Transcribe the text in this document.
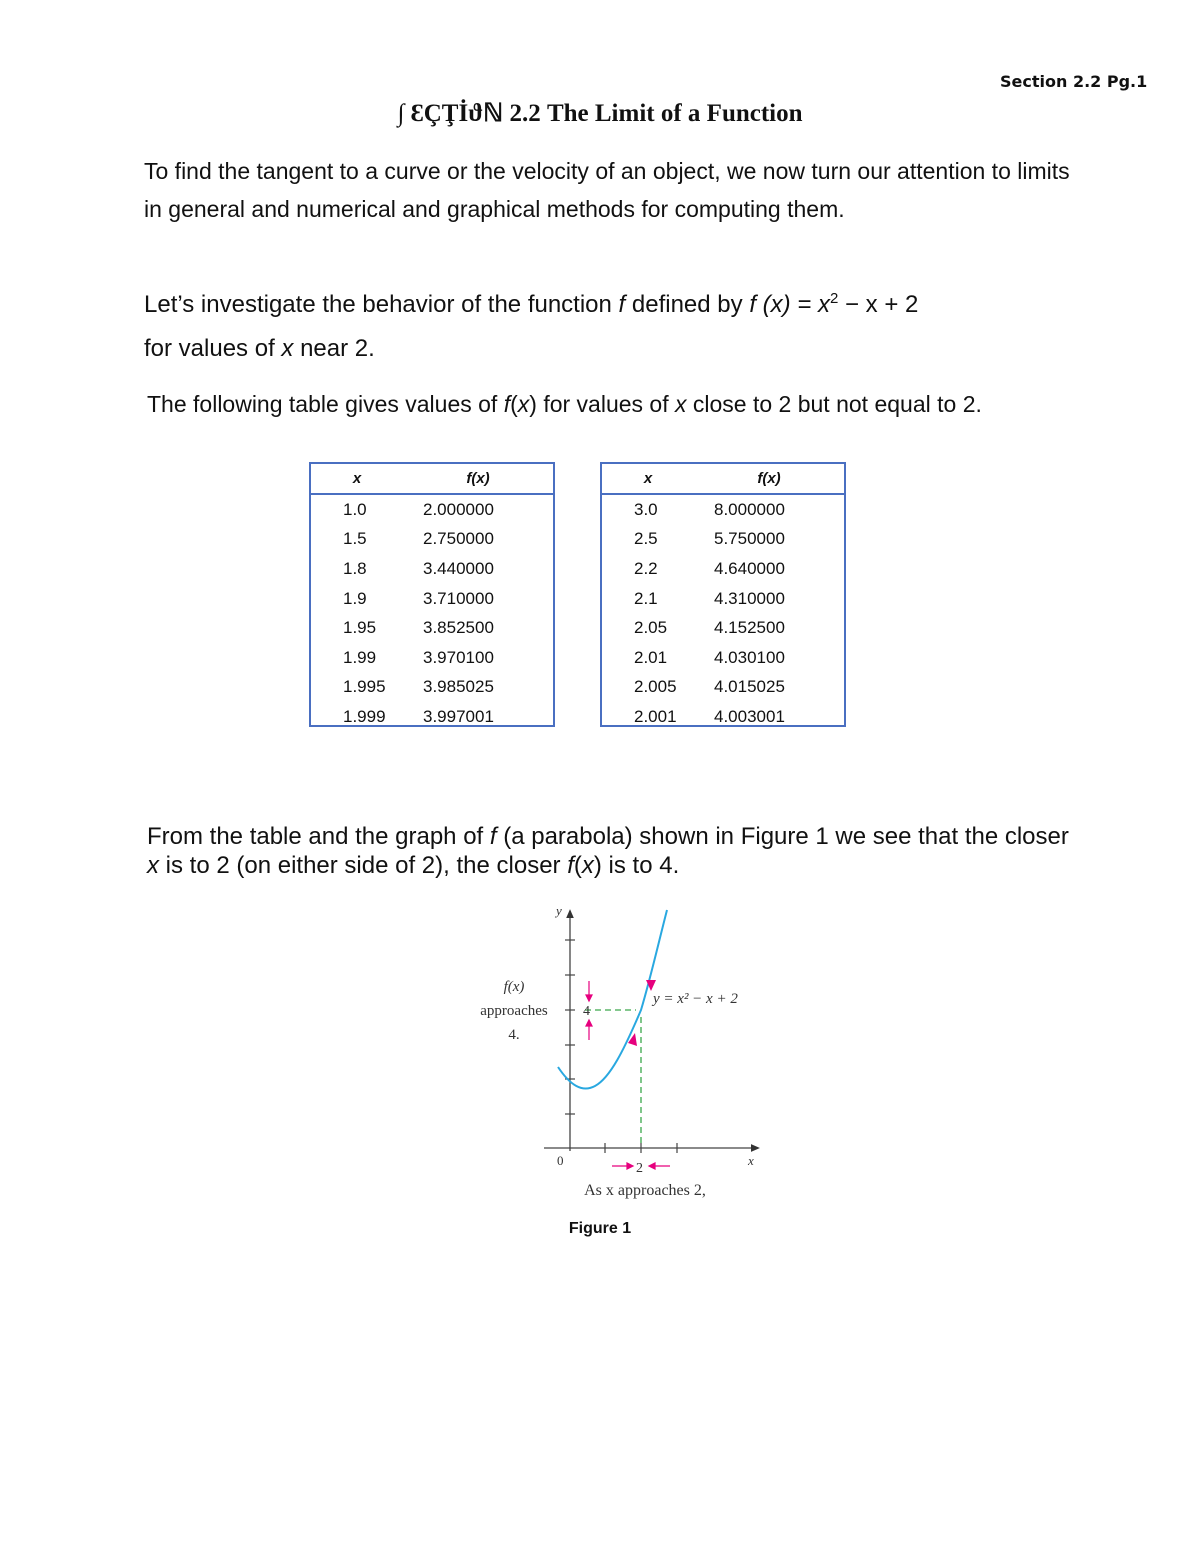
Section 2.2 Pg.1
∫ ƐÇŢİϑℕ 2.2 The Limit of a Function
To find the tangent to a curve or the velocity of an object, we now turn our attention to limits in general and numerical and graphical methods for computing them.
Let’s investigate the behavior of the function f defined by f $(x) = x^2 - x + 2$
for values of x near 2.
The following table gives values of f(x) for values of x close to 2 but not equal to 2.
x	f(x)
1.0	2.000000
1.5	2.750000
1.8	3.440000
1.9	3.710000
1.95	3.852500
1.99	3.970100
1.995	3.985025
1.999	3.997001
x	f(x)
3.0	8.000000
2.5	5.750000
2.2	4.640000
2.1	4.310000
2.05	4.152500
2.01	4.030100
2.005	4.015025
2.001	4.003001
From the table and the graph of f (a parabola) shown in Figure 1 we see that the closer x is to 2 (on either side of 2), the closer f(x) is to 4.
y
x
0
4
2
f(x)
approaches
4.
y = x² − x + 2
As x approaches 2,
Figure 1
